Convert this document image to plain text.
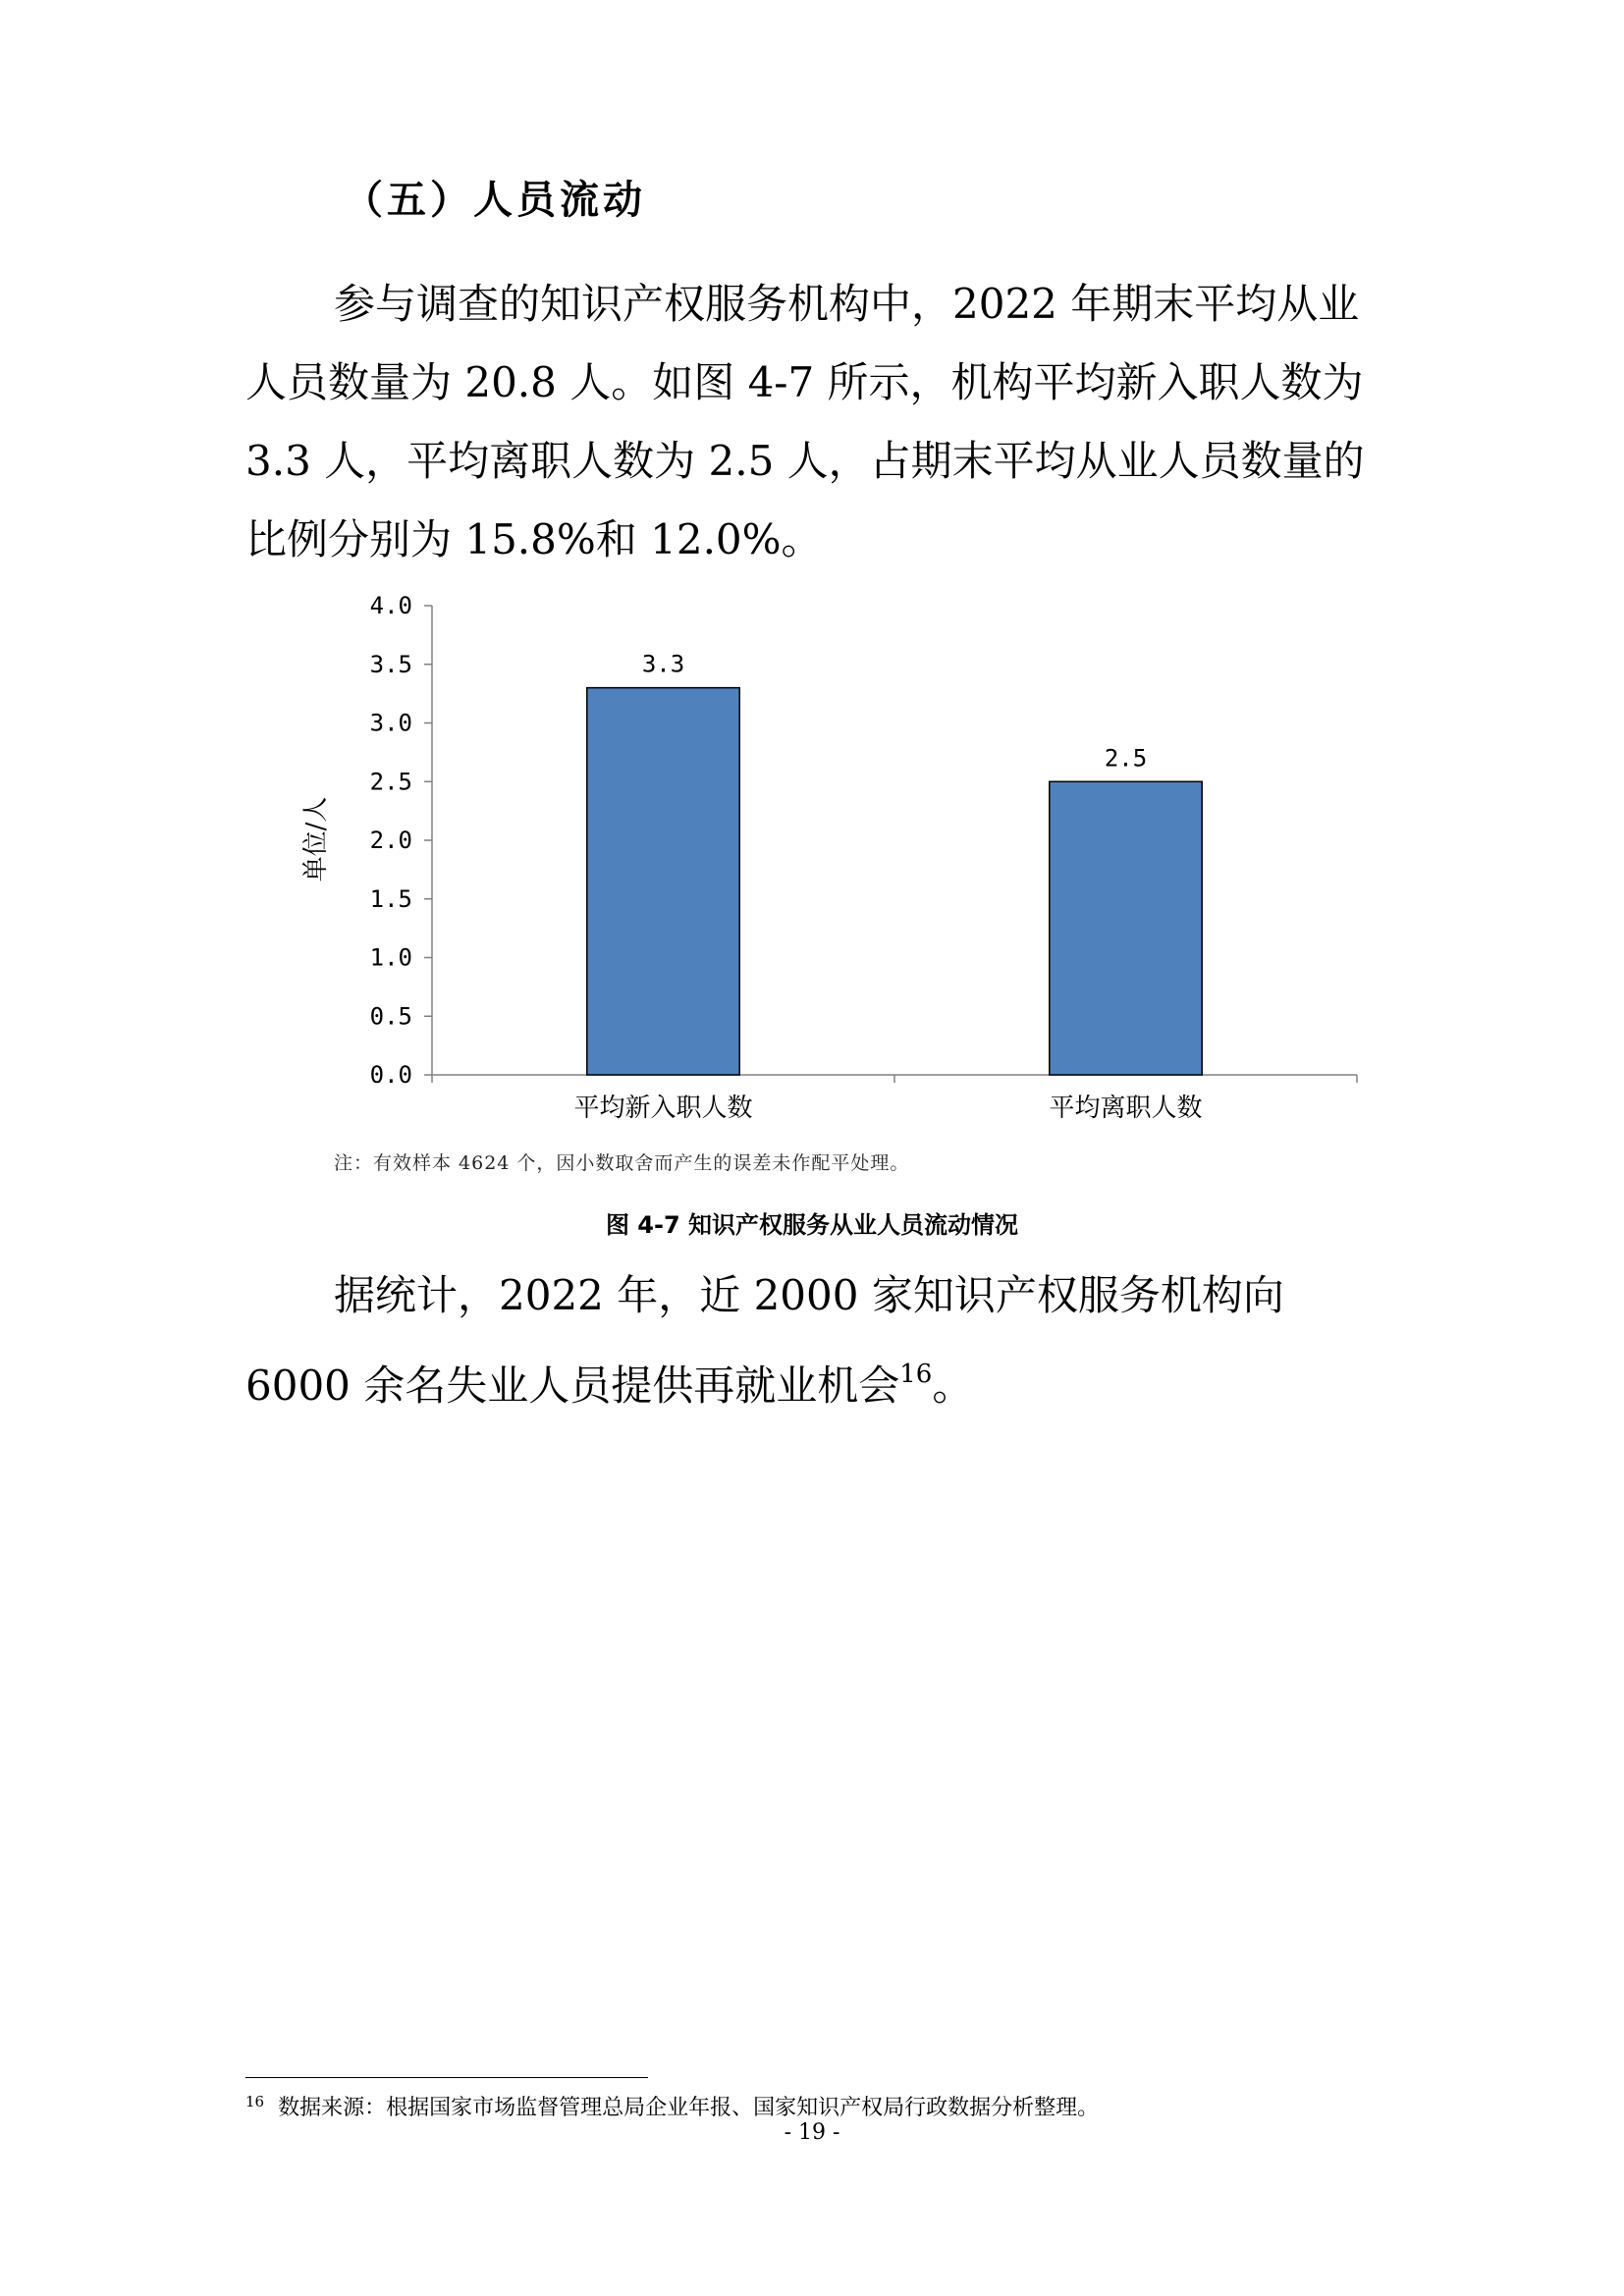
（五）人员流动

参与调查的知识产权服务机构中，2022 年期末平均从业人员数量为 20.8 人。如图 4-7 所示，机构平均新入职人数为 3.3 人，平均离职人数为 2.5 人，占期末平均从业人员数量的比例分别为 15.8%和 12.0%。

0.0
0.5
1.0
1.5
2.0
2.5
3.0
3.5
4.0
3.3
平均新入职人数
2.5
平均离职人数
单位/人
注：有效样本 4624 个，因小数取舍而产生的误差未作配平处理。
图 4-7 知识产权服务从业人员流动情况

据统计，2022 年，近 2000 家知识产权服务机构向 6000 余名失业人员提供再就业机会$^{16}$。

$^{16}$ 数据来源：根据国家市场监督管理总局企业年报、国家知识产权局行政数据分析整理。
- 19 -
